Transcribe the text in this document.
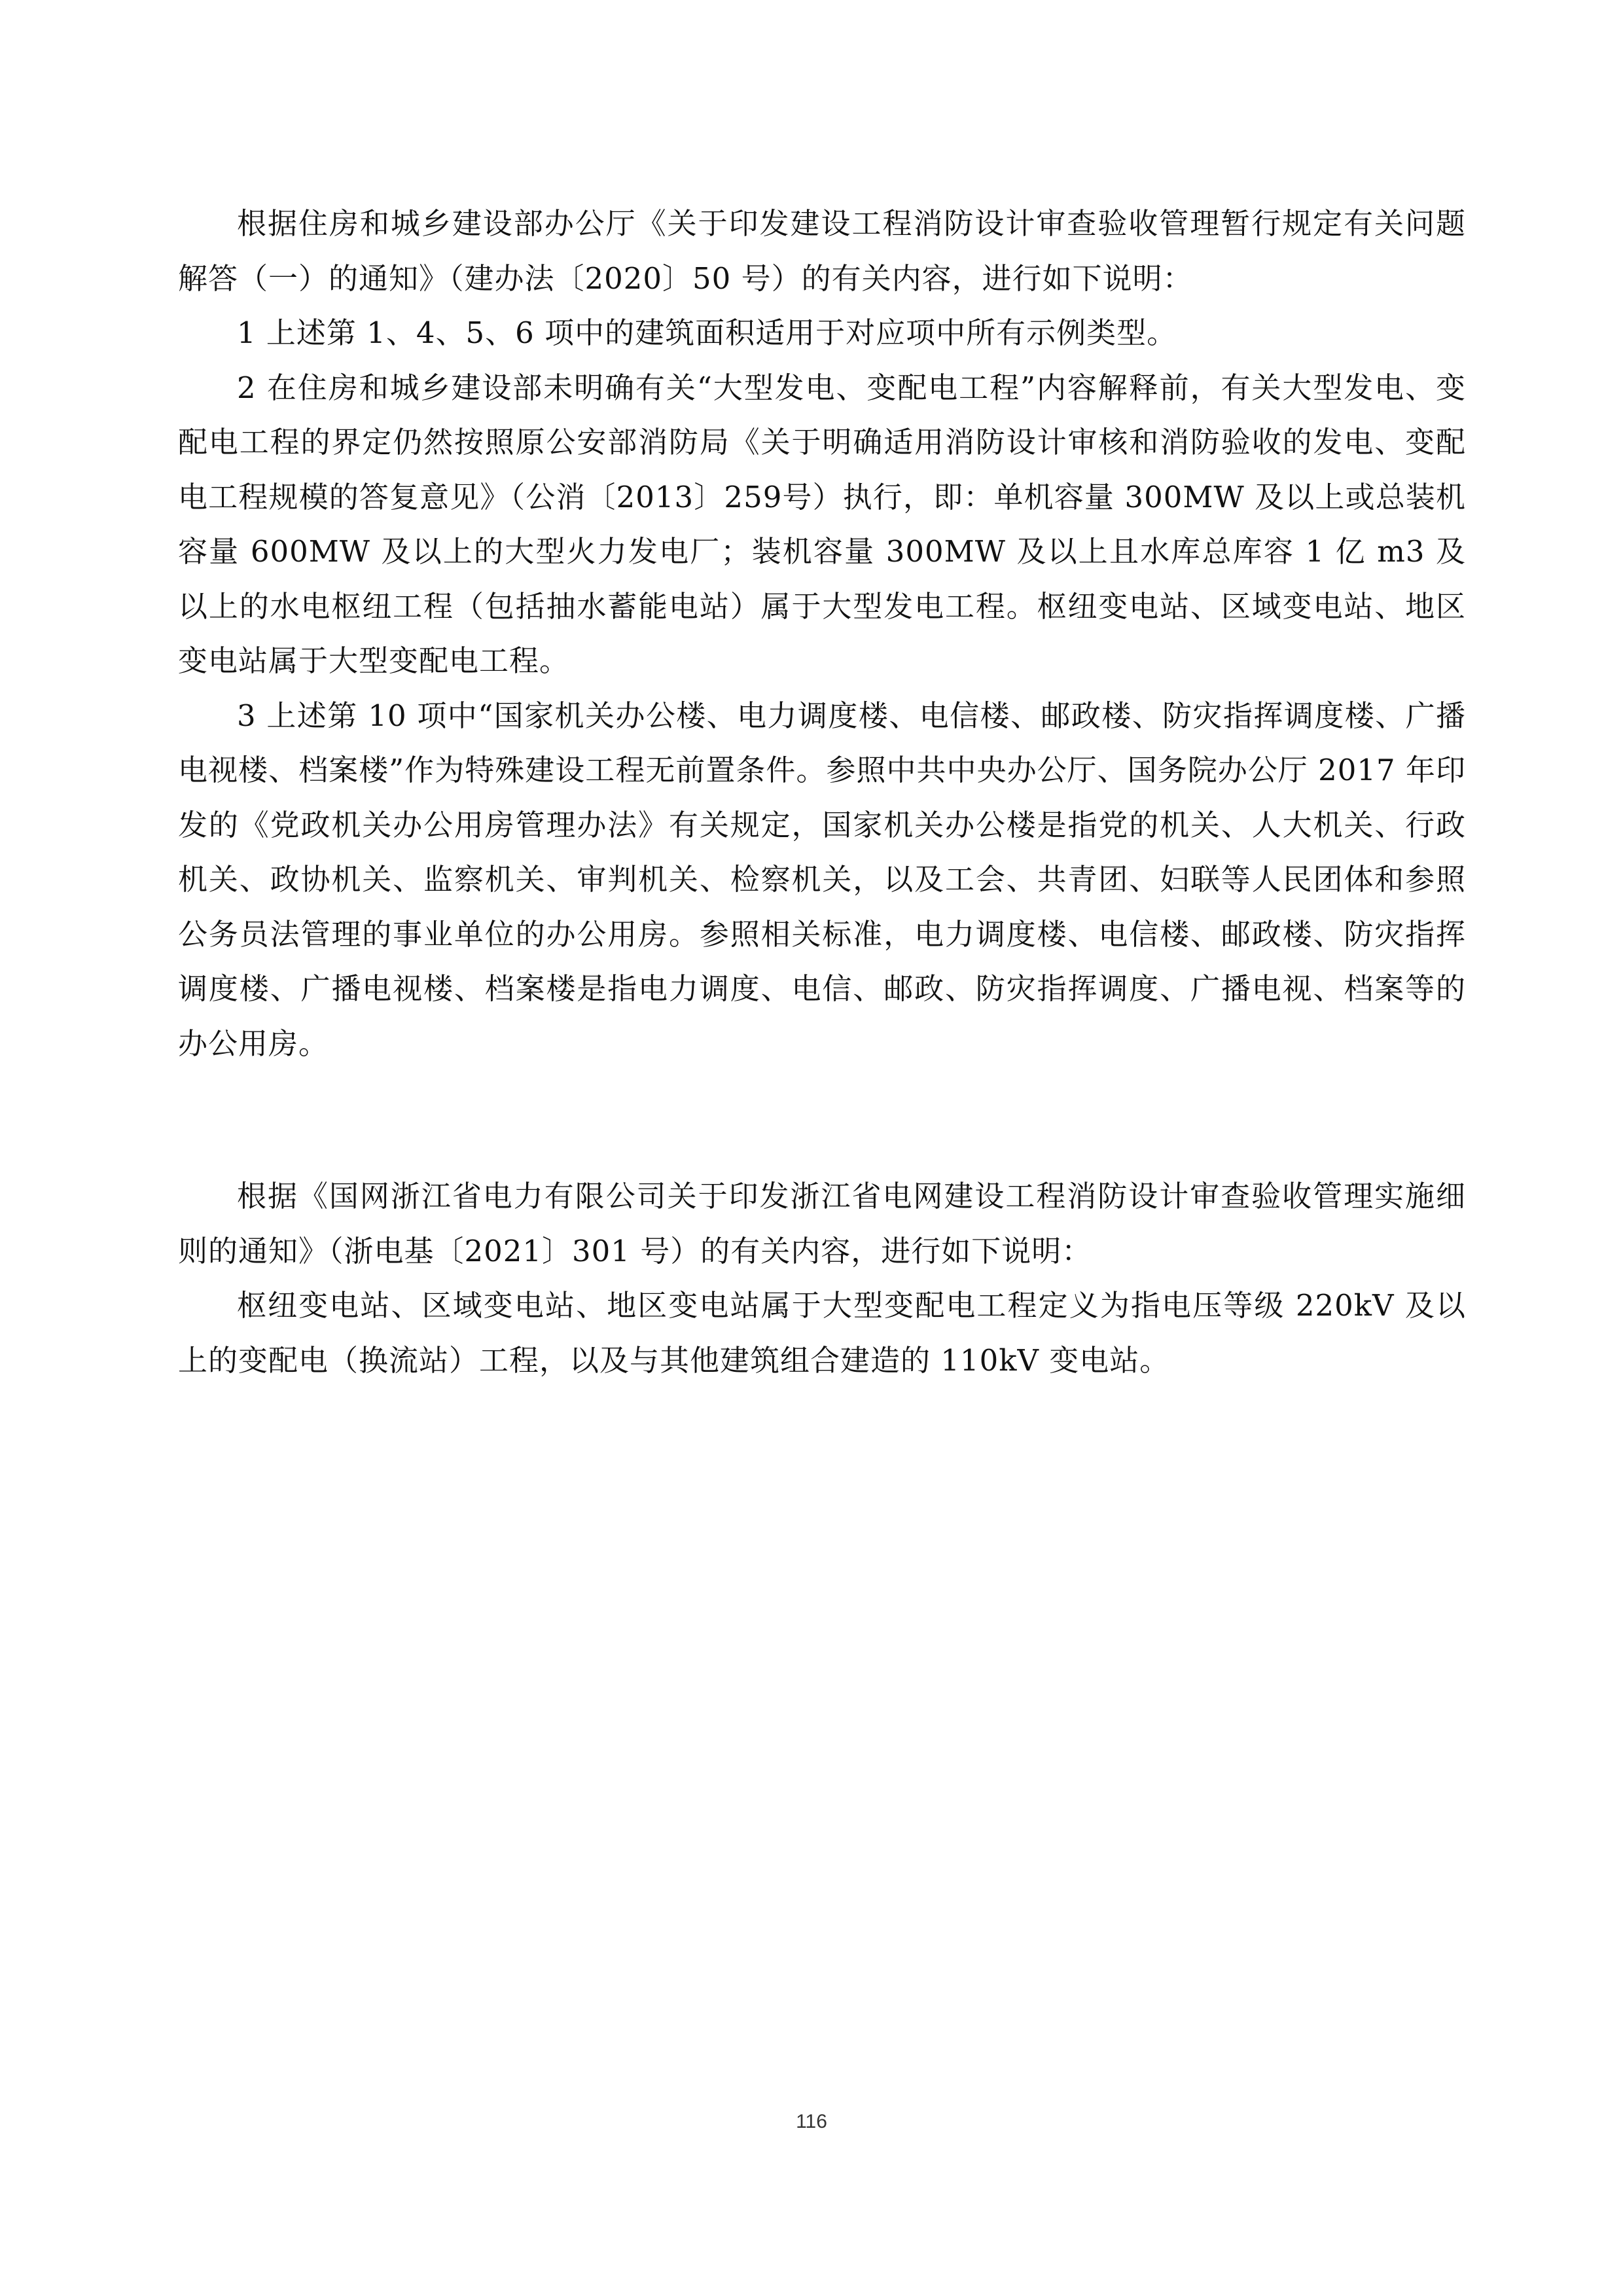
根据住房和城乡建设部办公厅《关于印发建设工程消防设计审查验收管理暂行规定有关问题解答（一）的通知》（建办法〔2020〕50 号）的有关内容，进行如下说明：

1 上述第 1、4、5、6 项中的建筑面积适用于对应项中所有示例类型。

2 在住房和城乡建设部未明确有关“大型发电、变配电工程”内容解释前，有关大型发电、变配电工程的界定仍然按照原公安部消防局《关于明确适用消防设计审核和消防验收的发电、变配电工程规模的答复意见》（公消〔2013〕259号）执行，即：单机容量 300MW 及以上或总装机容量 600MW 及以上的大型火力发电厂；装机容量 300MW 及以上且水库总库容 1 亿 m3 及以上的水电枢纽工程（包括抽水蓄能电站）属于大型发电工程。枢纽变电站、区域变电站、地区变电站属于大型变配电工程。

3 上述第 10 项中“国家机关办公楼、电力调度楼、电信楼、邮政楼、防灾指挥调度楼、广播电视楼、档案楼”作为特殊建设工程无前置条件。参照中共中央办公厅、国务院办公厅 2017 年印发的《党政机关办公用房管理办法》有关规定，国家机关办公楼是指党的机关、人大机关、行政机关、政协机关、监察机关、审判机关、检察机关，以及工会、共青团、妇联等人民团体和参照公务员法管理的事业单位的办公用房。参照相关标准，电力调度楼、电信楼、邮政楼、防灾指挥调度楼、广播电视楼、档案楼是指电力调度、电信、邮政、防灾指挥调度、广播电视、档案等的办公用房。

根据《国网浙江省电力有限公司关于印发浙江省电网建设工程消防设计审查验收管理实施细则的通知》（浙电基〔2021〕301 号）的有关内容，进行如下说明：

枢纽变电站、区域变电站、地区变电站属于大型变配电工程定义为指电压等级 220kV 及以上的变配电（换流站）工程，以及与其他建筑组合建造的 110kV 变电站。

116
